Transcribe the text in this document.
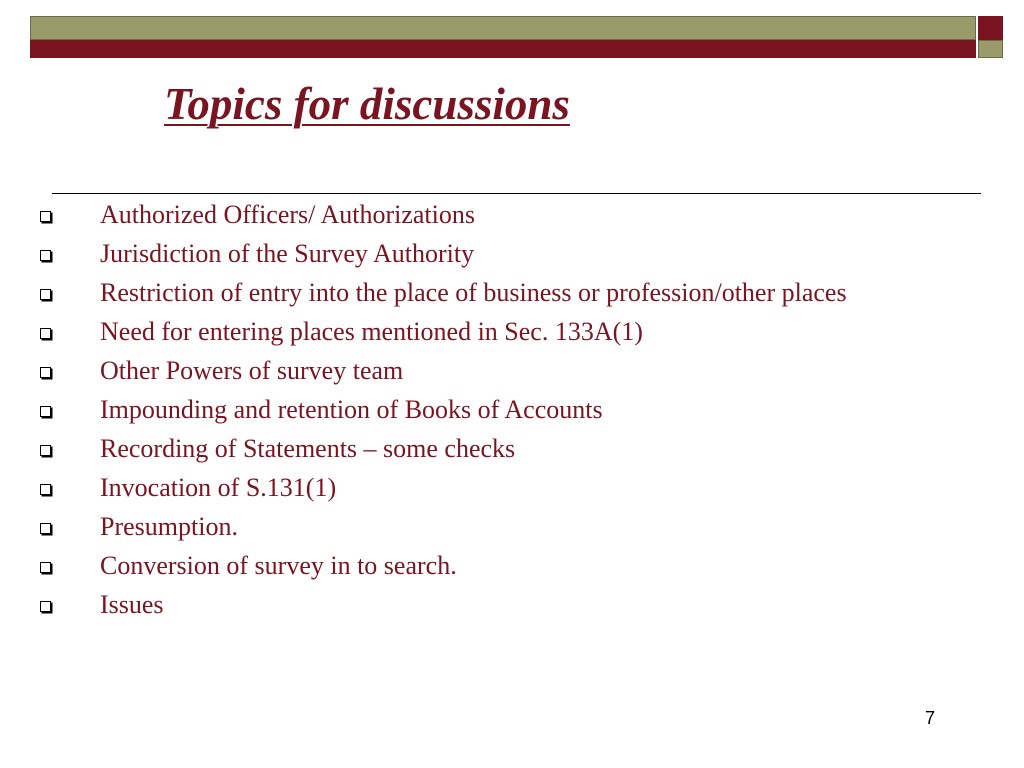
Topics for discussions
Authorized Officers/ Authorizations
Jurisdiction of the Survey Authority
Restriction of entry into the place of business or profession/other places
Need for entering places mentioned in Sec. 133A(1)
Other Powers of survey team
Impounding and retention of Books of Accounts
Recording of Statements – some checks
Invocation of S.131(1)
Presumption.
Conversion of survey in to search.
Issues
7
